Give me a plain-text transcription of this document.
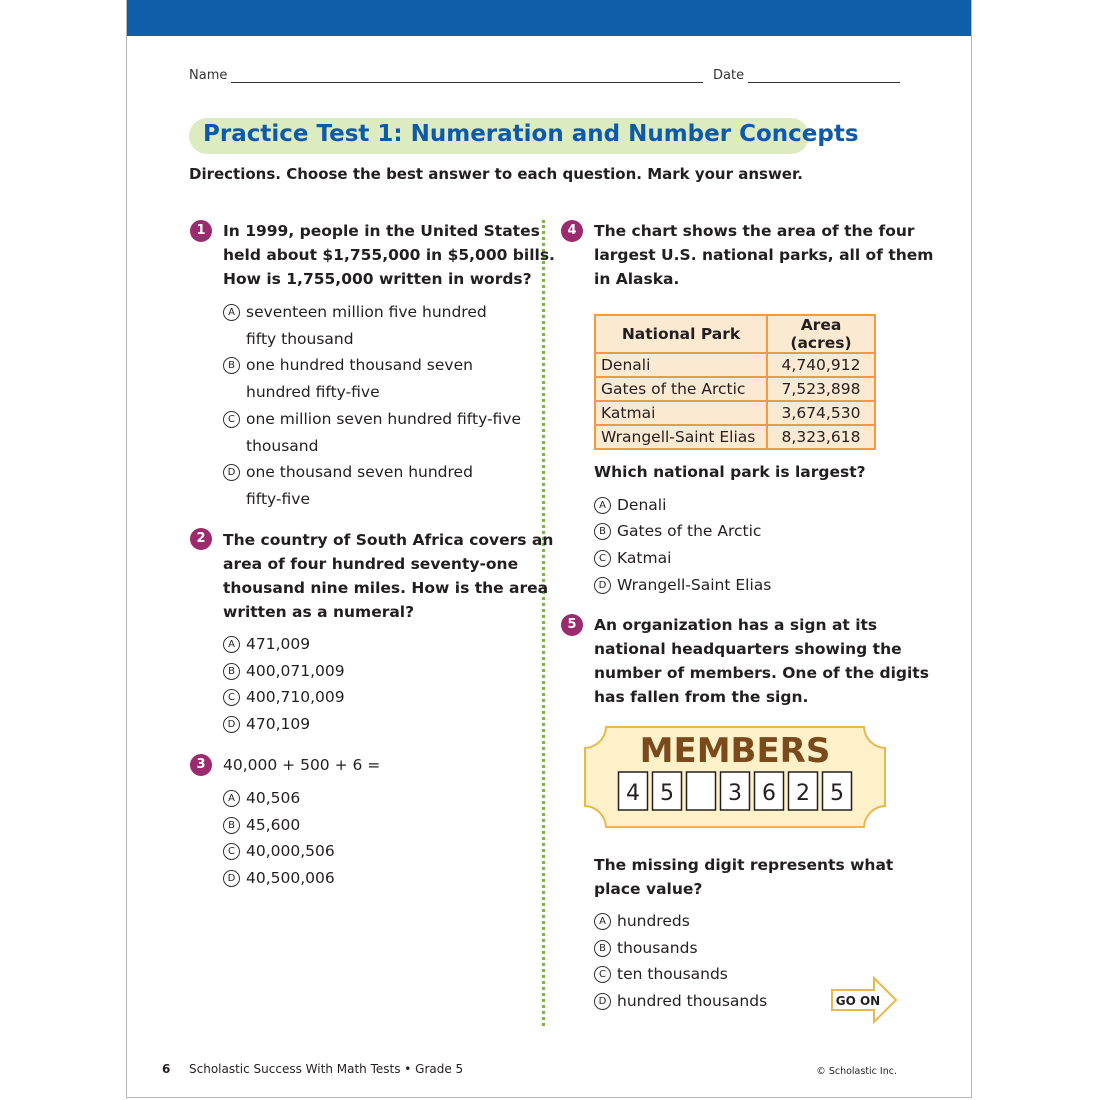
Name	Date
Practice Test 1: Numeration and Number Concepts
Directions. Choose the best answer to each question. Mark your answer.
1	In 1999, people in the United States
held about $1,755,000 in $5,000 bills.
How is 1,755,000 written in words?
A seventeen million five hundred
fifty thousand
B one hundred thousand seven
hundred fifty-five
C one million seven hundred fifty-five
thousand
D one thousand seven hundred
fifty-five
2	The country of South Africa covers an
area of four hundred seventy-one
thousand nine miles. How is the area
written as a numeral?
A 471,009
B 400,071,009
C 400,710,009
D 470,109
3	40,000 + 500 + 6 =
A 40,506
B 45,600
C 40,000,506
D 40,500,006
4	The chart shows the area of the four
largest U.S. national parks, all of them
in Alaska.
National Park	Area (acres)
Denali	4,740,912
Gates of the Arctic	7,523,898
Katmai	3,674,530
Wrangell-Saint Elias	8,323,618
Which national park is largest?
A Denali
B Gates of the Arctic
C Katmai
D Wrangell-Saint Elias
5	An organization has a sign at its
national headquarters showing the
number of members. One of the digits
has fallen from the sign.
MEMBERS
4 5 3 6 2 5
The missing digit represents what
place value?
A hundreds
B thousands
C ten thousands
D hundred thousands	GO ON
6 Scholastic Success With Math Tests • Grade 5	© Scholastic Inc.
